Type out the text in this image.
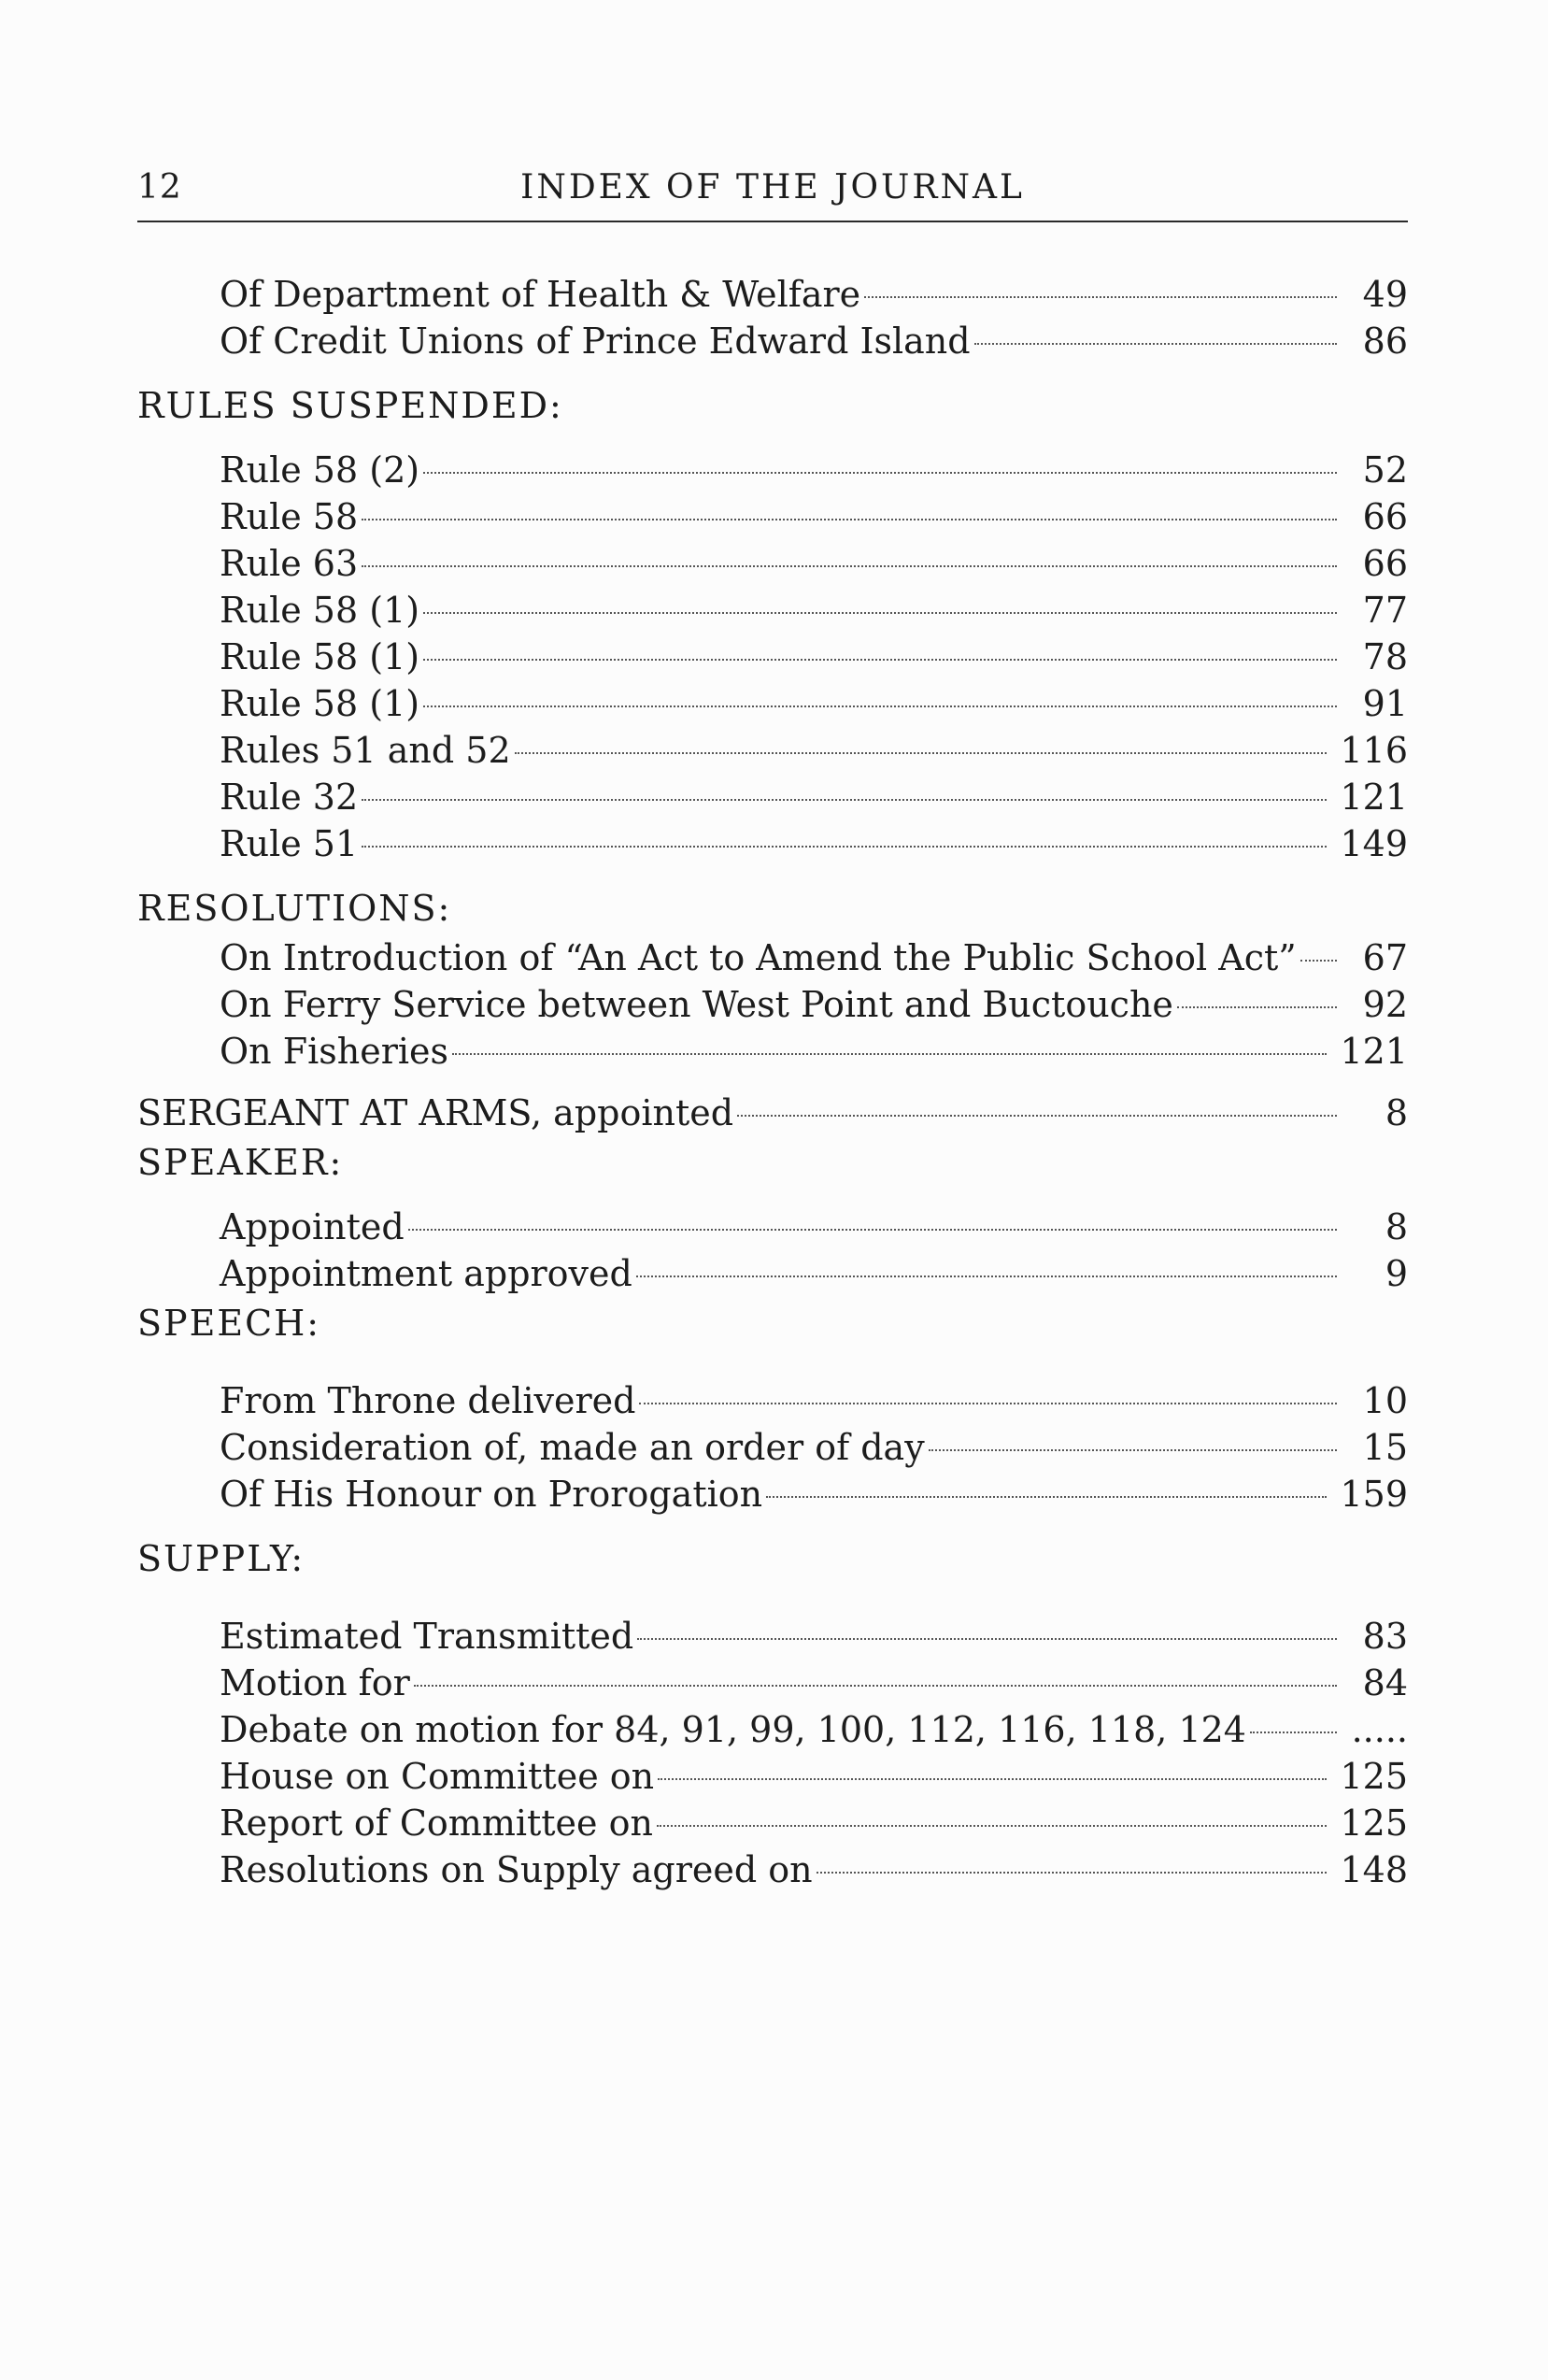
12	INDEX OF THE JOURNAL
Of Department of Health & Welfare	49
Of Credit Unions of Prince Edward Island	86
RULES SUSPENDED:
Rule 58 (2)	52
Rule 58	66
Rule 63	66
Rule 58 (1)	77
Rule 58 (1)	78
Rule 58 (1)	91
Rules 51 and 52	116
Rule 32	121
Rule 51	149
RESOLUTIONS:
On Introduction of “An Act to Amend the Public School Act”	67
On Ferry Service between West Point and Buctouche	92
On Fisheries	121
SERGEANT AT ARMS, appointed	8
SPEAKER:
Appointed	8
Appointment approved	9
SPEECH:
From Throne delivered	10
Consideration of, made an order of day	15
Of His Honour on Prorogation	159
SUPPLY:
Estimated Transmitted	83
Motion for	84
Debate on motion for 84, 91, 99, 100, 112, 116, 118, 124	.....
House on Committee on	125
Report of Committee on	125
Resolutions on Supply agreed on	148
